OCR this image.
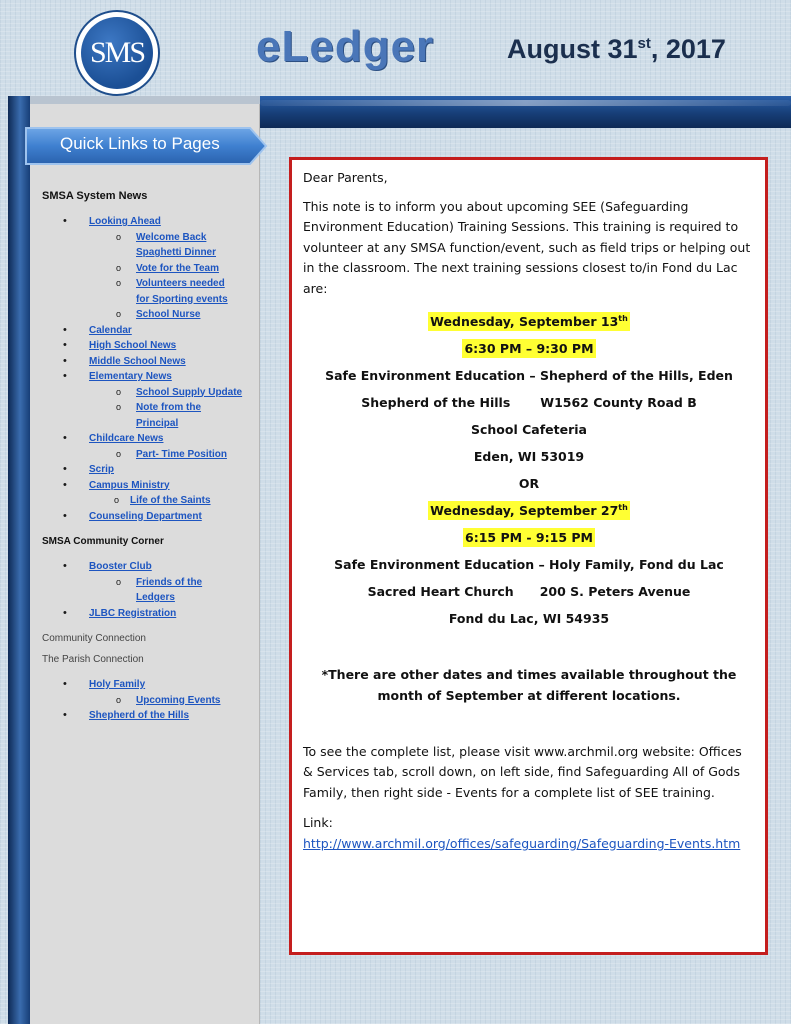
SMS	eLedger	August 31st, 2017
Quick Links to Pages
SMSA System News
• Looking Ahead
o Welcome Back
Spaghetti Dinner
o Vote for the Team
o Volunteers needed
for Sporting events
o School Nurse
• Calendar
• High School News
• Middle School News
• Elementary News
o School Supply Update
o Note from the
Principal
• Childcare News
o Part- Time Position
• Scrip
• Campus Ministry
o Life of the Saints
• Counseling Department
SMSA Community Corner
• Booster Club
o Friends of the
Ledgers
• JLBC Registration
Community Connection
The Parish Connection
• Holy Family
o Upcoming Events
• Shepherd of the Hills
Dear Parents,
This note is to inform you about upcoming SEE (Safeguarding Environment Education) Training Sessions. This training is required to volunteer at any SMSA function/event, such as field trips or helping out in the classroom. The next training sessions closest to/in Fond du Lac are:
Wednesday, September 13th
6:30 PM – 9:30 PM
Safe Environment Education – Shepherd of the Hills, Eden
Shepherd of the Hills W1562 County Road B
School Cafeteria
Eden, WI 53019
OR
Wednesday, September 27th
6:15 PM - 9:15 PM
Safe Environment Education – Holy Family, Fond du Lac
Sacred Heart Church 200 S. Peters Avenue
Fond du Lac, WI 54935
*There are other dates and times available throughout the month of September at different locations.
To see the complete list, please visit www.archmil.org website: Offices & Services tab, scroll down, on left side, find Safeguarding All of Gods Family, then right side - Events for a complete list of SEE training.
Link:
http://www.archmil.org/offices/safeguarding/Safeguarding-Events.htm
